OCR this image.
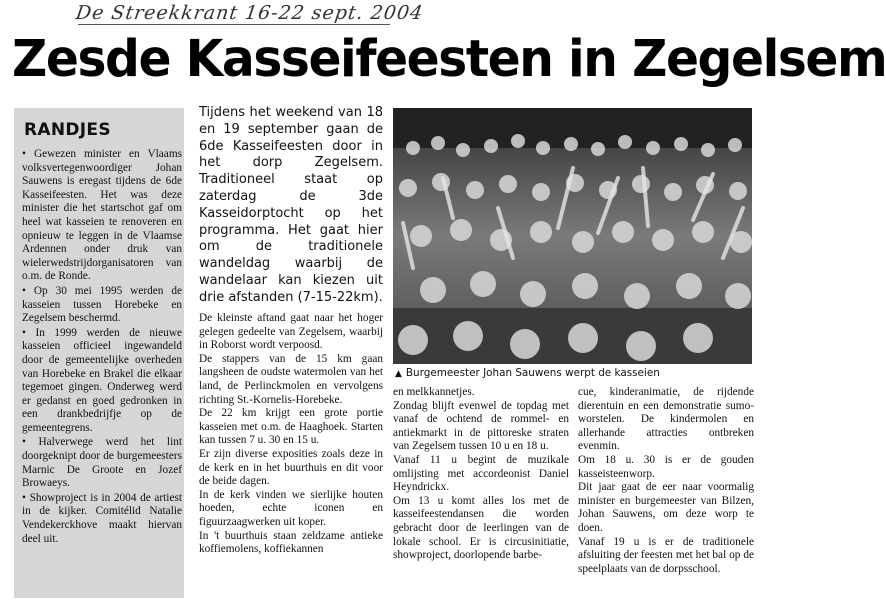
De Streekkrant 16-22 sept. 2004
Zesde Kasseifeesten in Zegelsem
RANDJES

• Gewezen minister en Vlaams volksvertegenwoordiger Johan Sauwens is eregast tijdens de 6de Kasseifeesten. Het was deze minister die het startschot gaf om heel wat kasseien te renoveren en opnieuw te leggen in de Vlaamse Ardennen onder druk van wielerwedstrijdorganisatoren van o.m. de Ronde.

• Op 30 mei 1995 werden de kasseien tussen Horebeke en Zegelsem beschermd.

• In 1999 werden de nieuwe kasseien officieel ingewandeld door de gemeentelijke overheden van Horebeke en Brakel die elkaar tegemoet gingen. Onderweg werd er gedanst en goed gedronken in een drankbedrijfje op de gemeentegrens.

• Halverwege werd het lint doorgeknipt door de burgemeesters Marnic De Groote en Jozef Browaeys.

• Showproject is in 2004 de artiest in de kijker. Comitélid Natalie Vendekerckhove maakt hiervan deel uit.

Tijdens het weekend van 18 en 19 september gaan de 6de Kasseifeesten door in het dorp Zegelsem. Traditioneel staat op zaterdag de 3de Kasseidorptocht op het programma. Het gaat hier om de traditionele wandeldag waarbij de wandelaar kan kiezen uit drie afstanden (7-15-22km).

De kleinste aftand gaat naar het hoger gelegen gedeelte van Zegelsem, waarbij in Roborst wordt verpoosd.

De stappers van de 15 km gaan langsheen de oudste watermolen van het land, de Perlinckmolen en vervolgens richting St.-Kornelis-Horebeke.

De 22 km krijgt een grote portie kasseien met o.m. de Haaghoek. Starten kan tussen 7 u. 30 en 15 u.

Er zijn diverse exposities zoals deze in de kerk en in het buurthuis en dit voor de beide dagen.

In de kerk vinden we sierlijke houten hoeden, echte iconen en figuurzaagwerken uit koper.

In 't buurthuis staan zeldzame antieke koffiemolens, koffiekannen

▲ Burgemeester Johan Sauwens werpt de kasseien

en melkkannetjes.

Zondag blijft evenwel de topdag met vanaf de ochtend de rommel- en antiekmarkt in de pittoreske straten van Zegelsem tussen 10 u en 18 u.

Vanaf 11 u begint de muzikale omlijsting met accordeonist Daniel Heyndrickx.

Om 13 u komt alles los met de kasseifeestendansen die worden gebracht door de leerlingen van de lokale school. Er is circusinitiatie, showproject, doorlopende barbe-

cue, kinderanimatie, de rijdende dierentuin en een demonstratie sumo-worstelen. De kindermolen en allerhande attracties ontbreken evenmin.

Om 18 u. 30 is er de gouden kasseisteenworp.

Dit jaar gaat de eer naar voormalig minister en burgemeester van Bilzen, Johan Sauwens, om deze worp te doen.

Vanaf 19 u is er de traditionele afsluiting der feesten met het bal op de speelplaats van de dorpsschool.
